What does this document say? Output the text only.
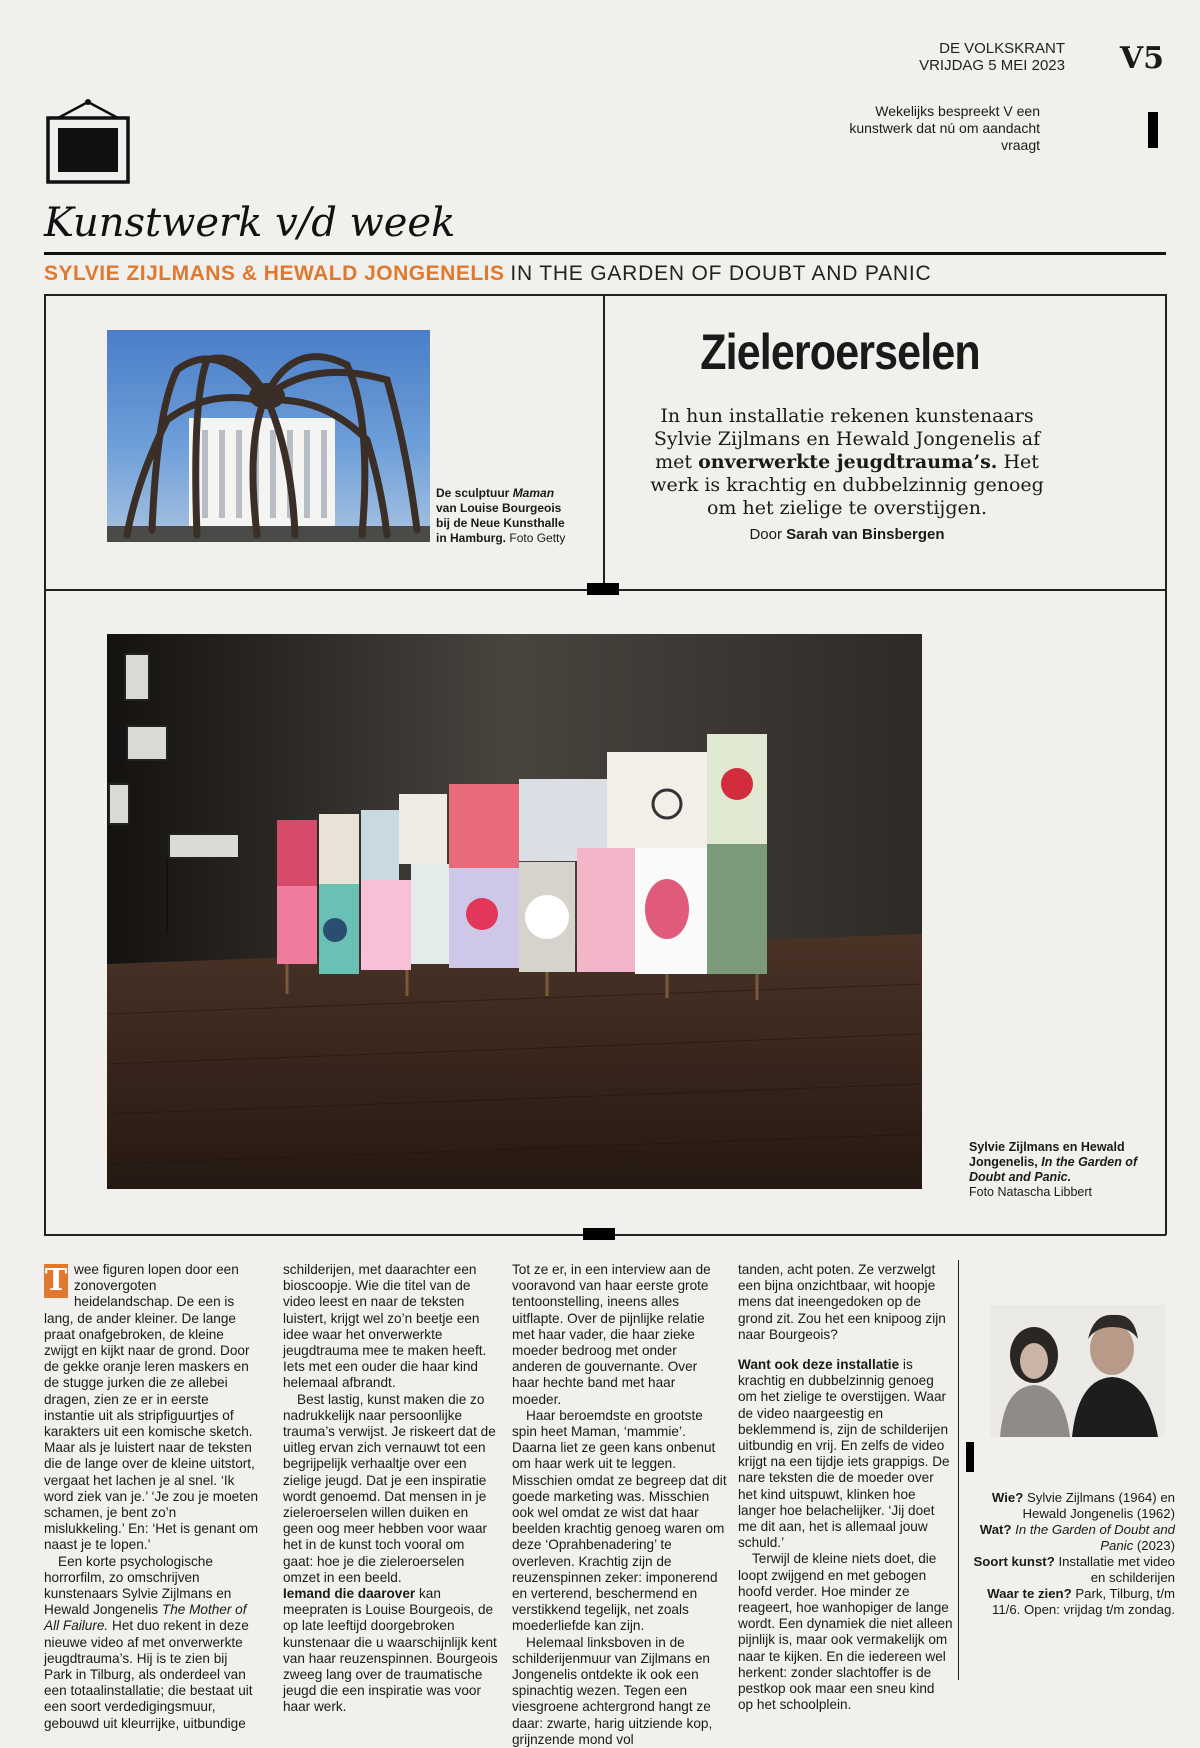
DE VOLKSKRANT
VRIJDAG 5 MEI 2023 V5
Wekelijks bespreekt V een kunstwerk dat nú om aandacht vraagt
Kunstwerk v/d week
SYLVIE ZIJLMANS & HEWALD JONGENELIS IN THE GARDEN OF DOUBT AND PANIC
De sculptuur Maman
van Louise Bourgeois
bij de Neue Kunsthalle
in Hamburg. Foto Getty
Zieleroerselen
In hun installatie rekenen kunstenaars Sylvie Zijlmans en Hewald Jongenelis af met onverwerkte jeugdtrauma’s. Het werk is krachtig en dubbelzinnig genoeg om het zielige te overstijgen.
Door Sarah van Binsbergen
Sylvie Zijlmans en Hewald
Jongenelis, In the Garden of Doubt and Panic.
Foto Natascha Libbert

T wee figuren lopen door een zonovergoten heidelandschap. De een is lang, de ander kleiner. De lange praat onafgebroken, de kleine zwijgt en kijkt naar de grond. Door de gekke oranje leren maskers en de stugge jurken die ze allebei dragen, zien ze er in eerste instantie uit als stripfiguurtjes of karakters uit een komische sketch. Maar als je luistert naar de teksten die de lange over de kleine uitstort, vergaat het lachen je al snel. ‘Ik word ziek van je.’ ‘Je zou je moeten schamen, je bent zo’n mislukkeling.’ En: ‘Het is genant om naast je te lopen.’

Een korte psychologische horrorfilm, zo omschrijven kunstenaars Sylvie Zijlmans en Hewald Jongenelis The Mother of All Failure. Het duo rekent in deze nieuwe video af met onverwerkte jeugdtrauma’s. Hij is te zien bij Park in Tilburg, als onderdeel van een totaalinstallatie; die bestaat uit een soort verdedigingsmuur, gebouwd uit kleurrijke, uitbundige

schilderijen, met daarachter een bioscoopje. Wie die titel van de video leest en naar de teksten luistert, krijgt wel zo’n beetje een idee waar het onverwerkte jeugdtrauma mee te maken heeft. Iets met een ouder die haar kind helemaal afbrandt.

Best lastig, kunst maken die zo nadrukkelijk naar persoonlijke trauma’s verwijst. Je riskeert dat de uitleg ervan zich vernauwt tot een begrijpelijk verhaaltje over een zielige jeugd. Dat je een inspiratie wordt genoemd. Dat mensen in je zieleroerselen willen duiken en geen oog meer hebben voor waar het in de kunst toch vooral om gaat: hoe je die zieleroerselen omzet in een beeld.

Iemand die daarover kan meepraten is Louise Bourgeois, de op late leeftijd doorgebroken kunstenaar die u waarschijnlijk kent van haar reuzenspinnen. Bourgeois zweeg lang over de traumatische jeugd die een inspiratie was voor haar werk.

Tot ze er, in een interview aan de vooravond van haar eerste grote tentoonstelling, ineens alles uitflapte. Over de pijnlijke relatie met haar vader, die haar zieke moeder bedroog met onder anderen de gouvernante. Over haar hechte band met haar moeder.

Haar beroemdste en grootste spin heet Maman, ‘mammie’. Daarna liet ze geen kans onbenut om haar werk uit te leggen. Misschien omdat ze begreep dat dit goede marketing was. Misschien ook wel omdat ze wist dat haar beelden krachtig genoeg waren om deze ‘Oprahbenadering’ te overleven. Krachtig zijn de reuzenspinnen zeker: imponerend en verterend, beschermend en verstikkend tegelijk, net zoals moederliefde kan zijn.

Helemaal linksboven in de schilderijenmuur van Zijlmans en Jongenelis ontdekte ik ook een spinachtig wezen. Tegen een viesgroene achtergrond hangt ze daar: zwarte, harig uitziende kop, grijnzende mond vol

tanden, acht poten. Ze verzwelgt een bijna onzichtbaar, wit hoopje mens dat ineengedoken op de grond zit. Zou het een knipoog zijn naar Bourgeois?

Want ook deze installatie is krachtig en dubbelzinnig genoeg om het zielige te overstijgen. Waar de video naargeestig en beklemmend is, zijn de schilderijen uitbundig en vrij. En zelfs de video krijgt na een tijdje iets grappigs. De nare teksten die de moeder over het kind uitspuwt, klinken hoe langer hoe belachelijker. ‘Jij doet me dit aan, het is allemaal jouw schuld.’

Terwijl de kleine niets doet, die loopt zwijgend en met gebogen hoofd verder. Hoe minder ze reageert, hoe wanhopiger de lange wordt. Een dynamiek die niet alleen pijnlijk is, maar ook vermakelijk om naar te kijken. En die iedereen wel herkent: zonder slachtoffer is de pestkop ook maar een sneu kind op het schoolplein.

Wie? Sylvie Zijlmans (1964) en Hewald Jongenelis (1962)
Wat? In the Garden of Doubt and Panic (2023)
Soort kunst? Installatie met video en schilderijen
Waar te zien? Park, Tilburg, t/m 11/6. Open: vrijdag t/m zondag.
